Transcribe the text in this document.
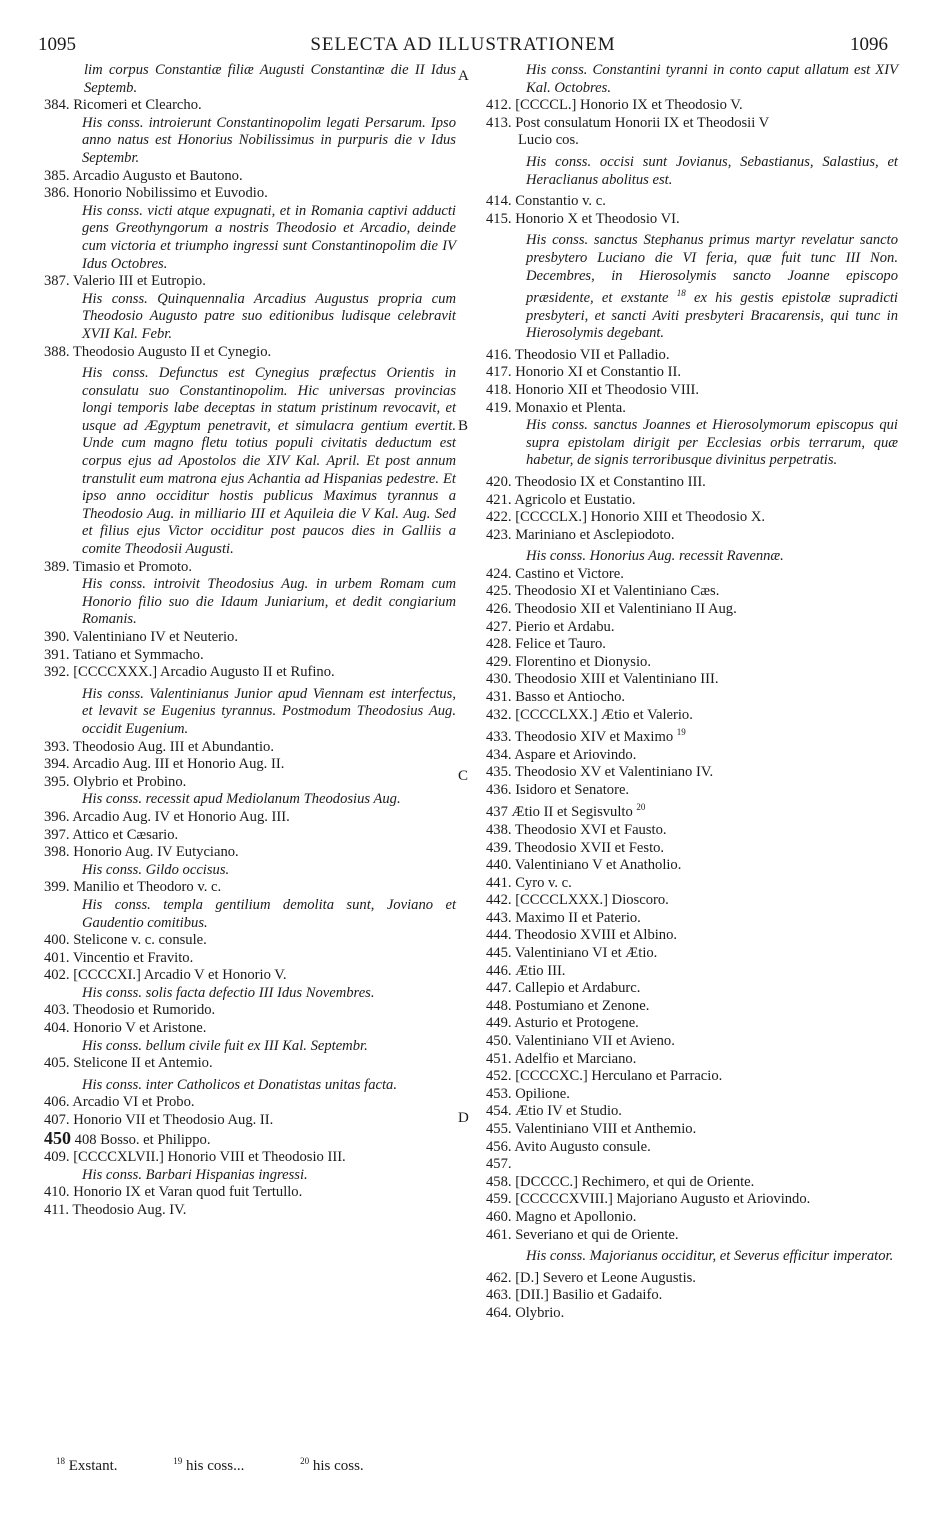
1095	SELECTA AD ILLUSTRATIONEM	1096
A
B
C
D
lim corpus Constantiæ filiæ Augusti Constantinæ die II Idus Septemb.
384. Ricomeri et Clearcho.
His conss. introierunt Constantinopolim legati Persarum. Ipso anno natus est Honorius Nobilissimus in purpuris die v Idus Septembr.
385. Arcadio Augusto et Bautono.
386. Honorio Nobilissimo et Euvodio.
His conss. victi atque expugnati, et in Romania captivi adducti gens Greothyngorum a nostris Theodosio et Arcadio, deinde cum victoria et triumpho ingressi sunt Constantinopolim die IV Idus Octobres.
387. Valerio III et Eutropio.
His conss. Quinquennalia Arcadius Augustus propria cum Theodosio Augusto patre suo editionibus ludisque celebravit XVII Kal. Febr.
388. Theodosio Augusto II et Cynegio.
His conss. Defunctus est Cynegius præfectus Orientis in consulatu suo Constantinopolim. Hic universas provincias longi temporis labe deceptas in statum pristinum revocavit, et usque ad Ægyptum penetravit, et simulacra gentium evertit. Unde cum magno fletu totius populi civitatis deductum est corpus ejus ad Apostolos die XIV Kal. April. Et post annum transtulit eum matrona ejus Achantia ad Hispanias pedestre. Et ipso anno occiditur hostis publicus Maximus tyrannus a Theodosio Aug. in milliario III et Aquileia die V Kal. Aug. Sed et filius ejus Victor occiditur post paucos dies in Galliis a comite Theodosii Augusti.
389. Timasio et Promoto.
His conss. introivit Theodosius Aug. in urbem Romam cum Honorio filio suo die Idaum Juniarium, et dedit congiarium Romanis.
390. Valentiniano IV et Neuterio.
391. Tatiano et Symmacho.
392. [CCCCXXX.] Arcadio Augusto II et Rufino.
His conss. Valentinianus Junior apud Viennam est interfectus, et levavit se Eugenius tyrannus. Postmodum Theodosius Aug. occidit Eugenium.
393. Theodosio Aug. III et Abundantio.
394. Arcadio Aug. III et Honorio Aug. II.
395. Olybrio et Probino.
His conss. recessit apud Mediolanum Theodosius Aug.
396. Arcadio Aug. IV et Honorio Aug. III.
397. Attico et Cæsario.
398. Honorio Aug. IV Eutyciano.
His conss. Gildo occisus.
399. Manilio et Theodoro v. c.
His conss. templa gentilium demolita sunt, Joviano et Gaudentio comitibus.
400. Stelicone v. c. consule.
401. Vincentio et Fravito.
402. [CCCCXI.] Arcadio V et Honorio V.
His conss. solis facta defectio III Idus Novembres.
403. Theodosio et Rumorido.
404. Honorio V et Aristone.
His conss. bellum civile fuit ex III Kal. Septembr.
405. Stelicone II et Antemio.
His conss. inter Catholicos et Donatistas unitas facta.
406. Arcadio VI et Probo.
407. Honorio VII et Theodosio Aug. II.
450 408 Bosso. et Philippo.
409. [CCCCXLVII.] Honorio VIII et Theodosio III.
His conss. Barbari Hispanias ingressi.
410. Honorio IX et Varan quod fuit Tertullo.
411. Theodosio Aug. IV.
His conss. Constantini tyranni in conto caput allatum est XIV Kal. Octobres.
412. [CCCCL.] Honorio IX et Theodosio V.
413. Post consulatum Honorii IX et Theodosii V
Lucio cos.
His conss. occisi sunt Jovianus, Sebastianus, Salastius, et Heraclianus abolitus est.
414. Constantio v. c.
415. Honorio X et Theodosio VI.
His conss. sanctus Stephanus primus martyr revelatur sancto presbytero Luciano die VI feria, quæ fuit tunc III Non. Decembres, in Hierosolymis sancto Joanne episcopo præsidente, et exstante $^{18}$ ex his gestis epistolæ supradicti presbyteri, et sancti Aviti presbyteri Bracarensis, qui tunc in Hierosolymis degebant.
416. Theodosio VII et Palladio.
417. Honorio XI et Constantio II.
418. Honorio XII et Theodosio VIII.
419. Monaxio et Plenta.
His conss. sanctus Joannes et Hierosolymorum episcopus qui supra epistolam dirigit per Ecclesias orbis terrarum, quæ habetur, de signis terroribusque divinitus perpetratis.
420. Theodosio IX et Constantino III.
421. Agricolo et Eustatio.
422. [CCCCLX.] Honorio XIII et Theodosio X.
423. Mariniano et Asclepiodoto.
His conss. Honorius Aug. recessit Ravennæ.
424. Castino et Victore.
425. Theodosio XI et Valentiniano Cæs.
426. Theodosio XII et Valentiniano II Aug.
427. Pierio et Ardabu.
428. Felice et Tauro.
429. Florentino et Dionysio.
430. Theodosio XIII et Valentiniano III.
431. Basso et Antiocho.
432. [CCCCLXX.] Ætio et Valerio.
433. Theodosio XIV et Maximo $^{19}$
434. Aspare et Ariovindo.
435. Theodosio XV et Valentiniano IV.
436. Isidoro et Senatore.
437 Ætio II et Segisvulto $^{20}$
438. Theodosio XVI et Fausto.
439. Theodosio XVII et Festo.
440. Valentiniano V et Anatholio.
441. Cyro v. c.
442. [CCCCLXXX.] Dioscoro.
443. Maximo II et Paterio.
444. Theodosio XVIII et Albino.
445. Valentiniano VI et Ætio.
446. Ætio III.
447. Callepio et Ardaburc.
448. Postumiano et Zenone.
449. Asturio et Protogene.
450. Valentiniano VII et Avieno.
451. Adelfio et Marciano.
452. [CCCCXC.] Herculano et Parracio.
453. Opilione.
454. Ætio IV et Studio.
455. Valentiniano VIII et Anthemio.
456. Avito Augusto consule.
457.
458. [DCCCC.] Rechimero, et qui de Oriente.
459. [CCCCCXVIII.] Majoriano Augusto et Ariovindo.
460. Magno et Apollonio.
461. Severiano et qui de Oriente.
His conss. Majorianus occiditur, et Severus efficitur imperator.
462. [D.] Severo et Leone Augustis.
463. [DII.] Basilio et Gadaifo.
464. Olybrio.
$^{18}$ Exstant.	$^{19}$ his coss...	$^{20}$ his coss.
